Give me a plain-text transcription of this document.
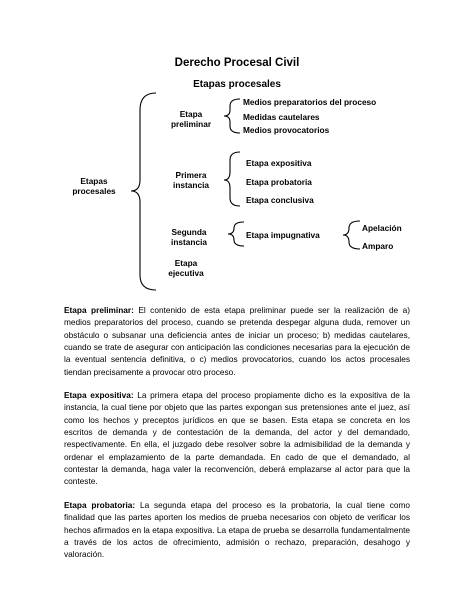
Derecho Procesal Civil
Etapas procesales
Etapas procesales
Etapa preliminar
Primera instancia
Segunda instancia
Etapa ejecutiva
Medios preparatorios del proceso
Medidas cautelares
Medios provocatorios
Etapa expositiva
Etapa probatoria
Etapa conclusiva
Etapa impugnativa
Apelación
Amparo

Etapa preliminar: El contenido de esta etapa preliminar puede ser la realización de a) medios preparatorios del proceso, cuando se pretenda despegar alguna duda, remover un obstáculo o subsanar una deficiencia antes de iniciar un proceso; b) medidas cautelares, cuando se trate de asegurar con anticipación las condiciones necesarias para la ejecución de la eventual sentencia definitiva, o c) medios provocatorios, cuando los actos procesales tiendan precisamente a provocar otro proceso.

Etapa expositiva: La primera etapa del proceso propiamente dicho es la expositiva de la instancia, la cual tiene por objeto que las partes expongan sus pretensiones ante el juez, así como los hechos y preceptos jurídicos en que se basen. Esta etapa se concreta en los escritos de demanda y de contestación de la demanda, del actor y del demandado, respectivamente. En ella, el juzgado debe resolver sobre la admisibilidad de la demanda y ordenar el emplazamiento de la parte demandada. En cado de que el demandado, al contestar la demanda, haga valer la reconvención, deberá emplazarse al actor para que la conteste.

Etapa probatoria: La segunda etapa del proceso es la probatoria, la cual tiene como finalidad que las partes aporten los medios de prueba necesarios con objeto de verificar los hechos afirmados en la etapa expositiva. La etapa de prueba se desarrolla fundamentalmente a través de los actos de ofrecimiento, admisión o rechazo, preparación, desahogo y valoración.
